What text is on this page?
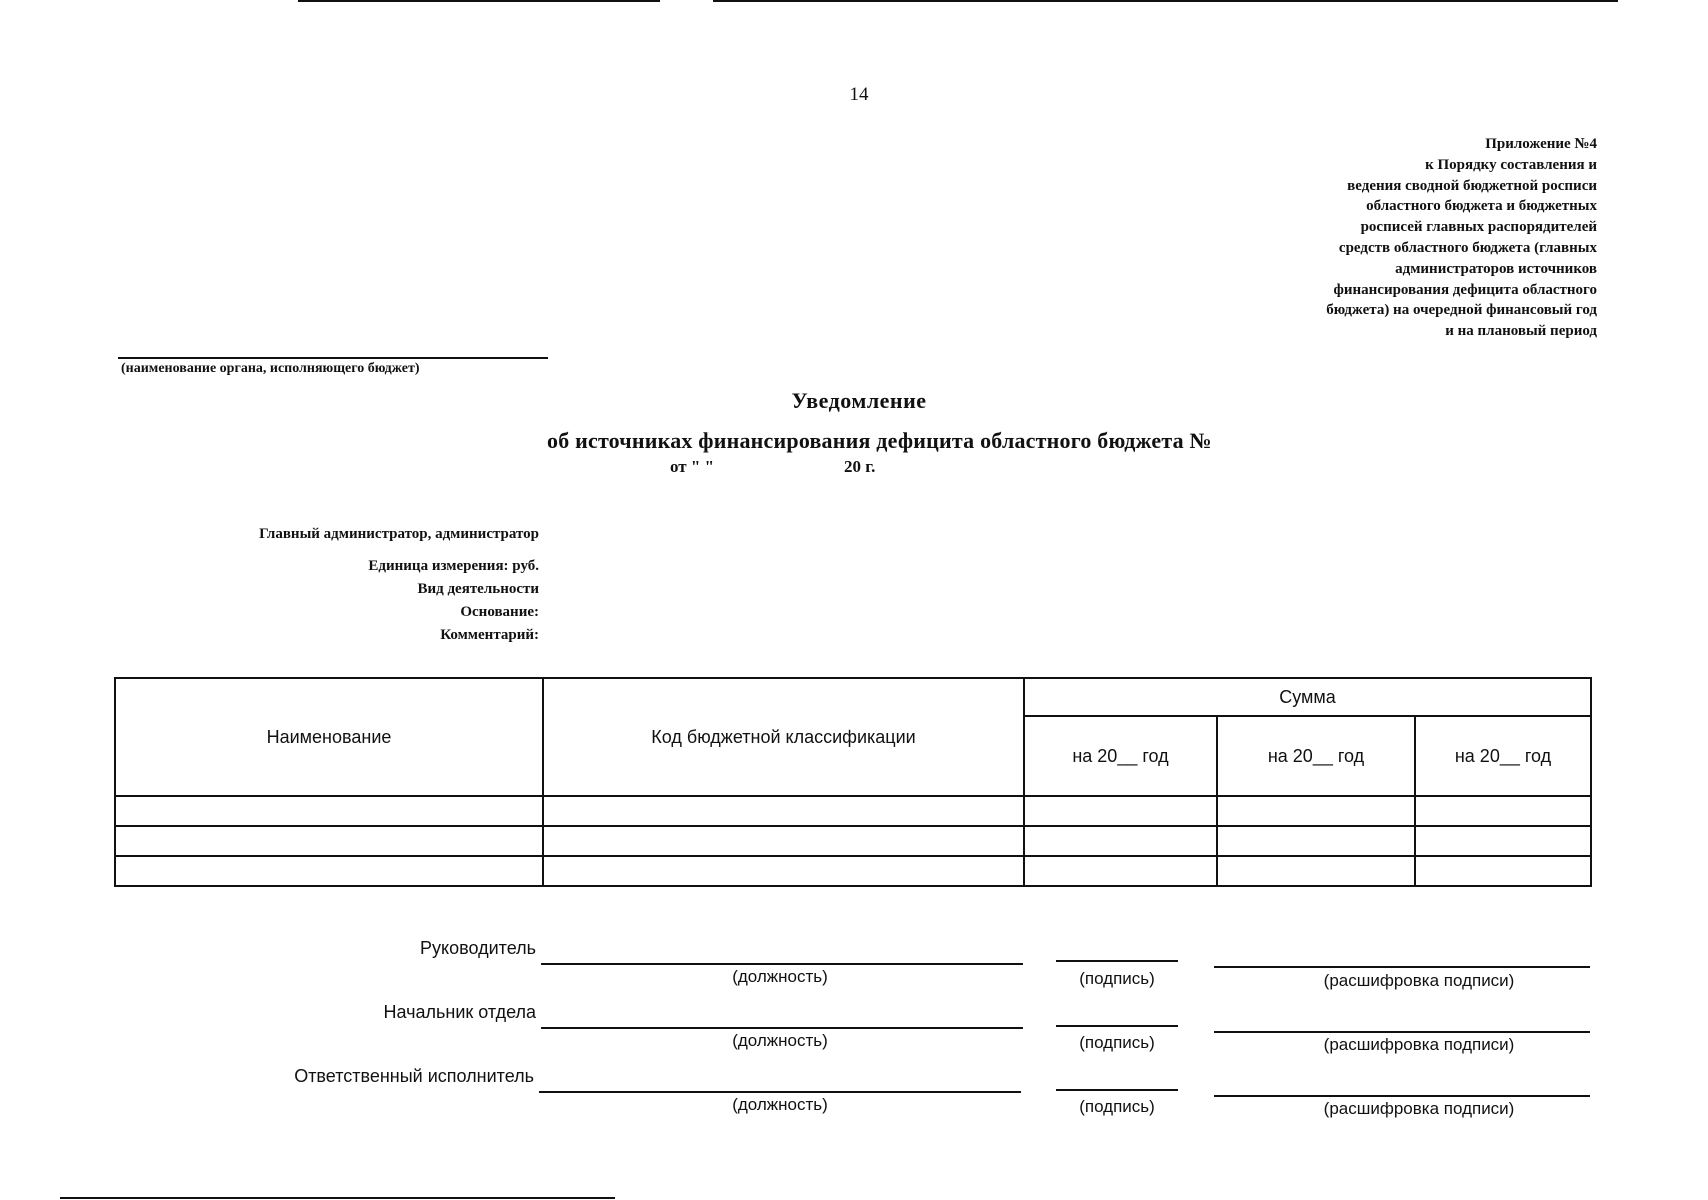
14
Приложение №4
к Порядку составления и
ведения сводной бюджетной росписи
областного бюджета и бюджетных
росписей главных распорядителей
средств областного бюджета (главных
администраторов источников
финансирования дефицита областного
бюджета) на очередной финансовый год
и на плановый период
(наименование органа, исполняющего бюджет)
Уведомление
об источниках финансирования дефицита областного бюджета №
от " "	20 г.
Главный администратор, администратор
Единица измерения: руб.
Вид деятельности
Основание:
Комментарий:
Наименование	Код бюджетной классификации	Сумма		
		на 20__ год	на 20__ год	на 20__ год

Руководитель
(должность)	(подпись)	(расшифровка подписи)
Начальник отдела
(должность)	(подпись)	(расшифровка подписи)
Ответственный исполнитель
(должность)	(подпись)	(расшифровка подписи)
